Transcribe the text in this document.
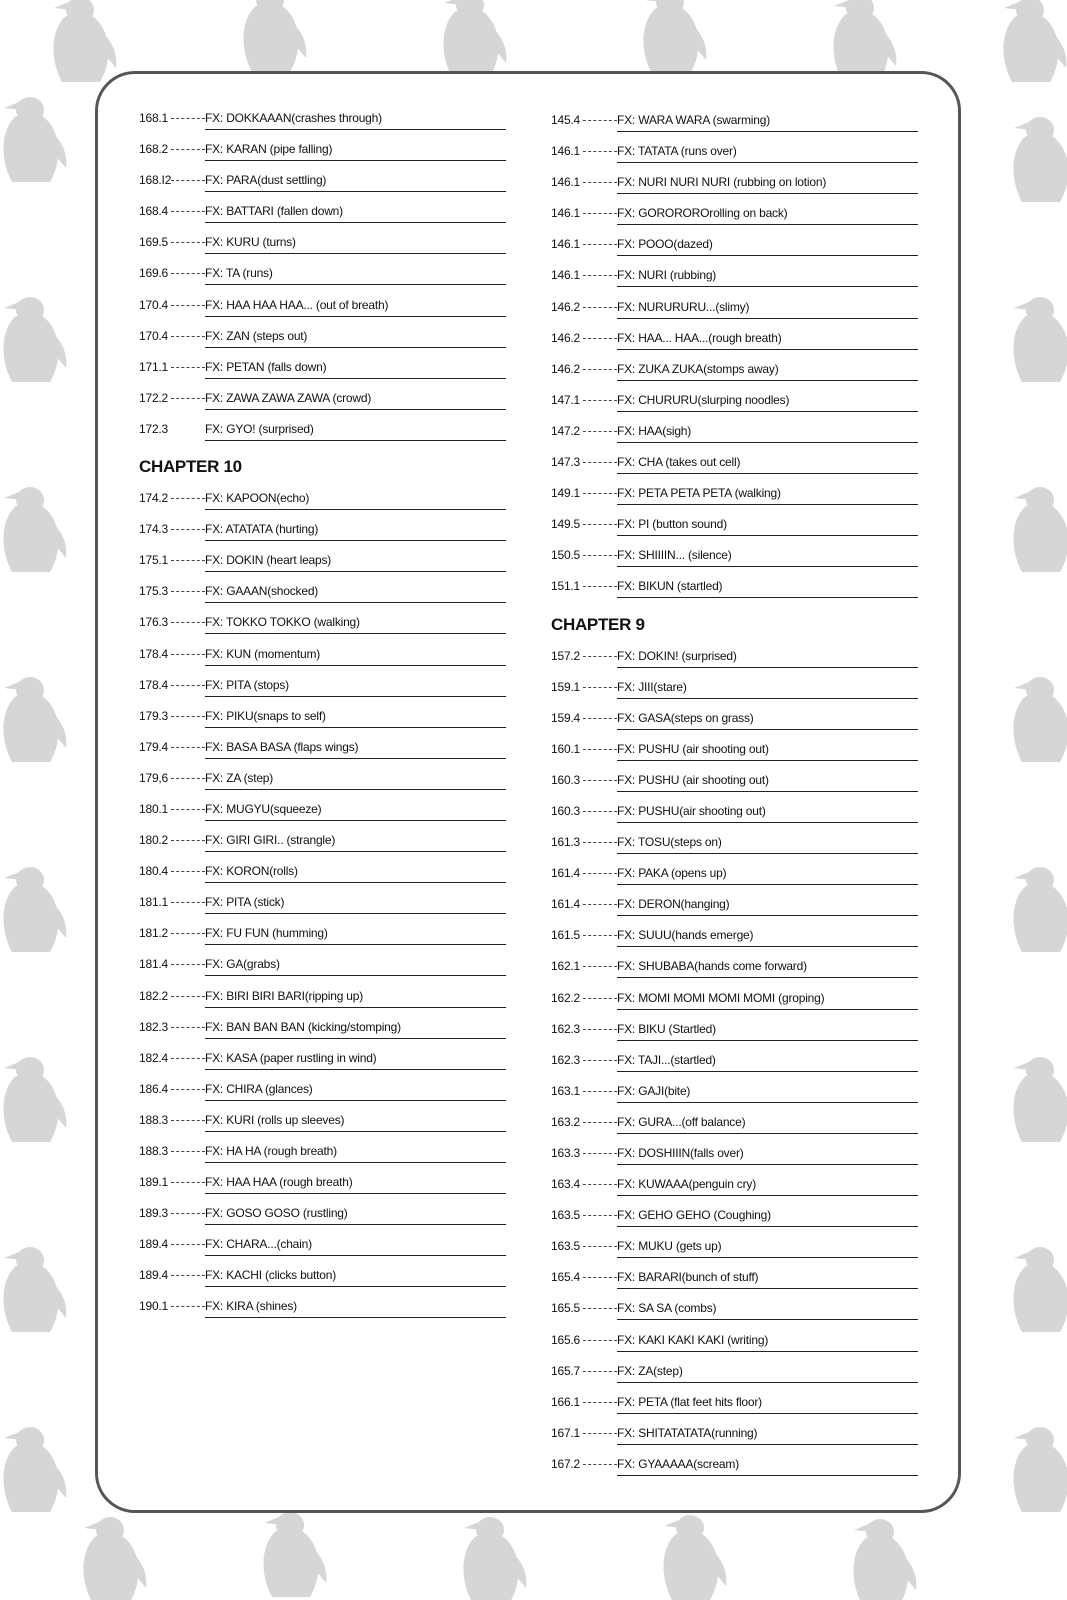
168.1	FX: DOKKAAAN(crashes through)
168.2	FX: KARAN (pipe falling)
168.I2	FX: PARA(dust settling)
168.4	FX: BATTARI (fallen down)
169.5	FX: KURU (turns)
169.6	FX: TA (runs)
170.4	FX: HAA HAA HAA... (out of breath)
170.4	FX: ZAN (steps out)
171.1	FX: PETAN (falls down)
172.2	FX: ZAWA ZAWA ZAWA (crowd)
172.3	FX: GYO! (surprised)
CHAPTER 10
174.2	FX: KAPOON(echo)
174.3	FX: ATATATA (hurting)
175.1	FX: DOKIN (heart leaps)
175.3	FX: GAAAN(shocked)
176.3	FX: TOKKO TOKKO (walking)
178.4	FX: KUN (momentum)
178.4	FX: PITA (stops)
179.3	FX: PIKU(snaps to self)
179.4	FX: BASA BASA (flaps wings)
179,6	FX: ZA (step)
180.1	FX: MUGYU(squeeze)
180.2	FX: GIRI GIRI.. (strangle)
180.4	FX: KORON(rolls)
181.1	FX: PITA (stick)
181.2	FX: FU FUN (humming)
181.4	FX: GA(grabs)
182.2	FX: BIRI BIRI BARI(ripping up)
182.3	FX: BAN BAN BAN (kicking/stomping)
182.4	FX: KASA (paper rustling in wind)
186.4	FX: CHIRA (glances)
188.3	FX: KURI (rolls up sleeves)
188.3	FX: HA HA (rough breath)
189.1	FX: HAA HAA (rough breath)
189.3	FX: GOSO GOSO (rustling)
189.4	FX: CHARA...(chain)
189.4	FX: KACHI (clicks button)
190.1	FX: KIRA (shines)
145.4	FX: WARA WARA (swarming)
146.1	FX: TATATA (runs over)
146.1	FX: NURI NURI NURI (rubbing on lotion)
146.1	FX: GOROROROrolling on back)
146.1	FX: POOO(dazed)
146.1	FX: NURI (rubbing)
146.2	FX: NURURURU...(slimy)
146.2	FX: HAA... HAA...(rough breath)
146.2	FX: ZUKA ZUKA(stomps away)
147.1	FX: CHURURU(slurping noodles)
147.2	FX: HAA(sigh)
147.3	FX: CHA (takes out cell)
149.1	FX: PETA PETA PETA (walking)
149.5	FX: PI (button sound)
150.5	FX: SHIIIIN... (silence)
151.1	FX: BIKUN (startled)
CHAPTER 9
157.2	FX: DOKIN! (surprised)
159.1	FX: JIII(stare)
159.4	FX: GASA(steps on grass)
160.1	FX: PUSHU (air shooting out)
160.3	FX: PUSHU (air shooting out)
160.3	FX: PUSHU(air shooting out)
161.3	FX: TOSU(steps on)
161.4	FX: PAKA (opens up)
161.4	FX: DERON(hanging)
161.5	FX: SUUU(hands emerge)
162.1	FX: SHUBABA(hands come forward)
162.2	FX: MOMI MOMI MOMI MOMI (groping)
162.3	FX: BIKU (Startled)
162.3	FX: TAJI...(startled)
163.1	FX: GAJI(bite)
163.2	FX: GURA...(off balance)
163.3	FX: DOSHIIIN(falls over)
163.4	FX: KUWAAA(penguin cry)
163.5	FX: GEHO GEHO (Coughing)
163.5	FX: MUKU (gets up)
165.4	FX: BARARI(bunch of stuff)
165.5	FX: SA SA (combs)
165.6	FX: KAKI KAKI KAKI (writing)
165.7	FX: ZA(step)
166.1	FX: PETA (flat feet hits floor)
167.1	FX: SHITATATATA(running)
167.2	FX: GYAAAAA(scream)
